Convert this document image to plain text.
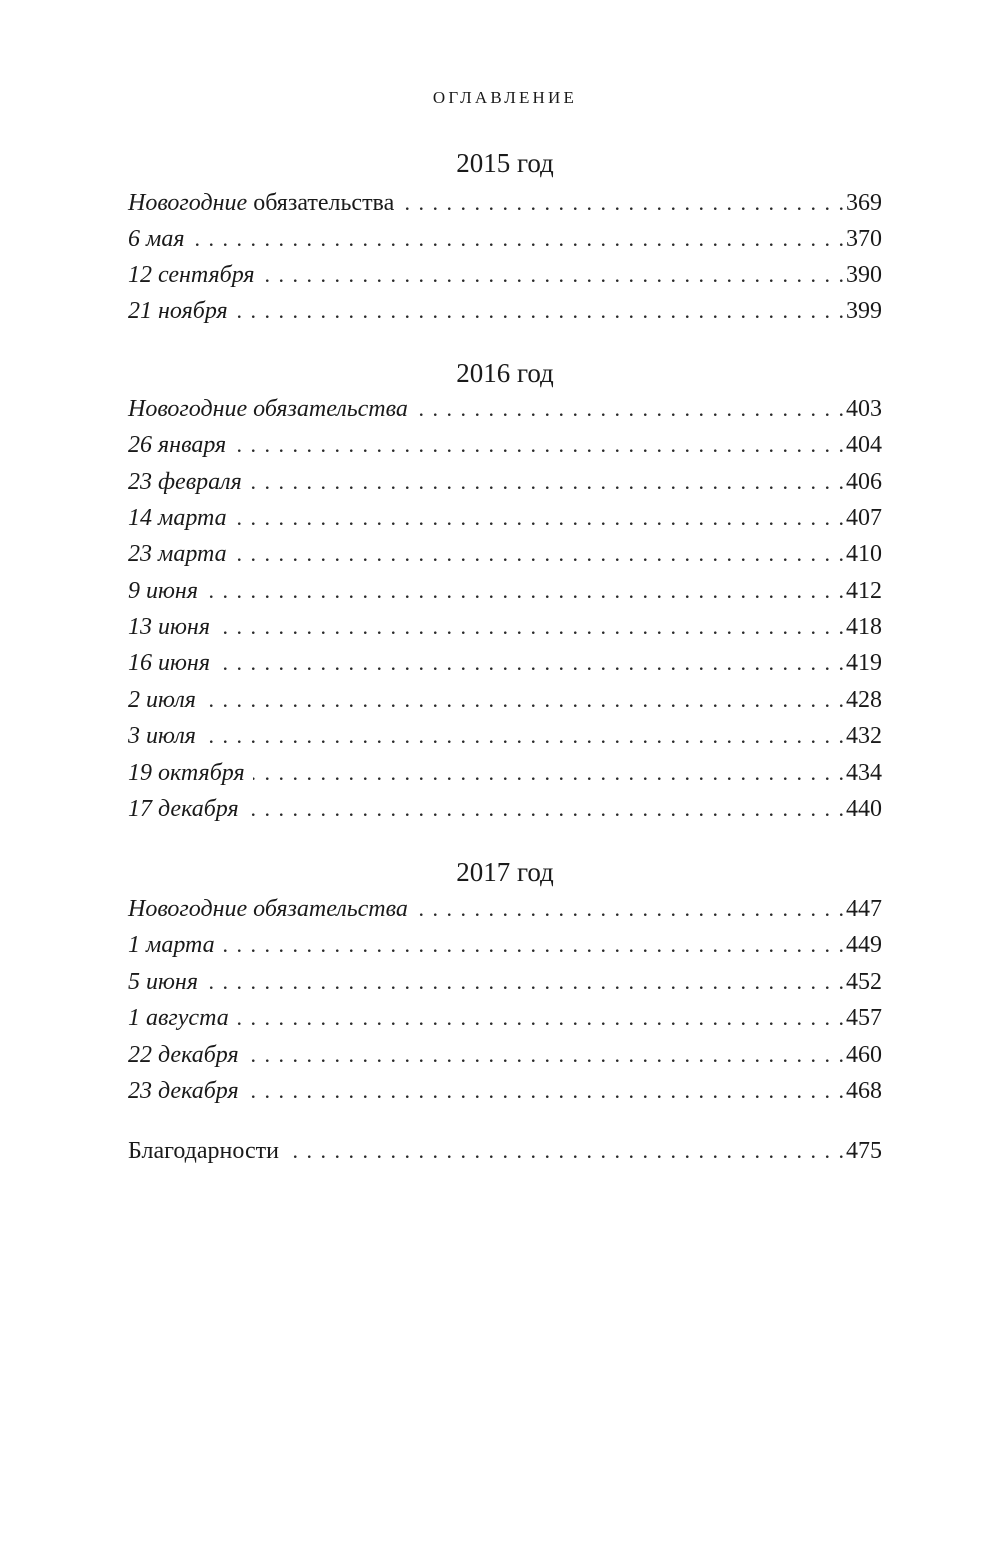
ОГЛАВЛЕНИЕ
2015 год
Новогодние обязательства . . .	369
6 мая . . .	370
12 сентября . . .	390
21 ноября . . .	399
2016 год
Новогодние обязательства . . .	403
26 января . . .	404
23 февраля . . .	406
14 марта . . .	407
23 марта . . .	410
9 июня . . .	412
13 июня . . .	418
16 июня . . .	419
2 июля . . .	428
3 июля . . .	432
19 октября . . .	434
17 декабря . . .	440
2017 год
Новогодние обязательства . . .	447
1 марта . . .	449
5 июня . . .	452
1 августа . . .	457
22 декабря . . .	460
23 декабря . . .	468
Благодарности . . .	475
